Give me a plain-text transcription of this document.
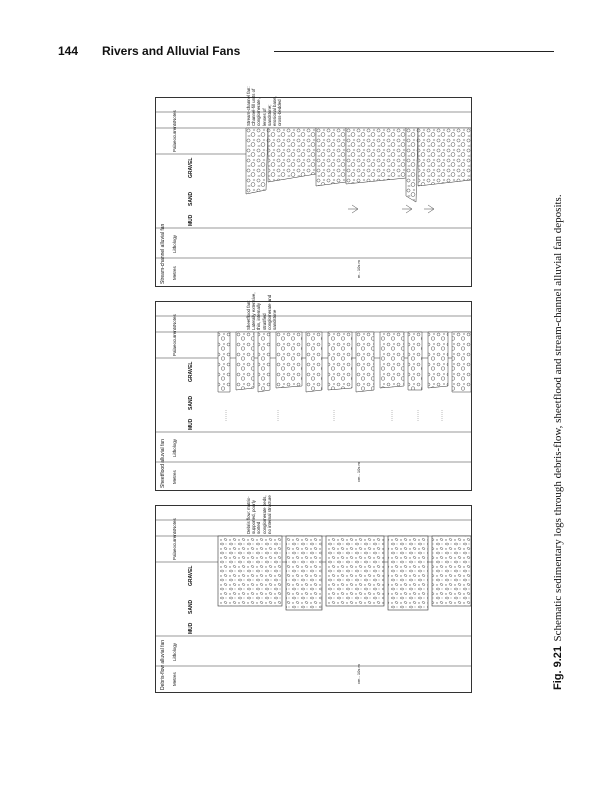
144 Rivers and Alluvial Fans
Stream-channel alluvial fan	m - 10s m
Metres
Lithology
MUD
SAND
GRAVEL
Palaeocurrents
Notes	Stream-channel fan: Channel-fill units of conglomerate, lenses of sandstone; erosional base, cross-bedded
Sheetflood alluvial fan	cm - 10s m
Metres
Lithology
MUD
SAND
GRAVEL
Palaeocurrents
Notes	Sheetflood fan: Laterally extensive, thin, internally stratified conglomerate and sandstone
Debris-flow alluvial fan	cm - 10s m
Metres
Lithology
MUD
SAND
GRAVEL
Palaeocurrents
Notes	Debris flow: matrix-supported, poorly sorted conglomerate beds, no internal structure
Fig. 9.21 Schematic sedimentary logs through debris-flow, sheetflood and stream-channel alluvial fan deposits.
